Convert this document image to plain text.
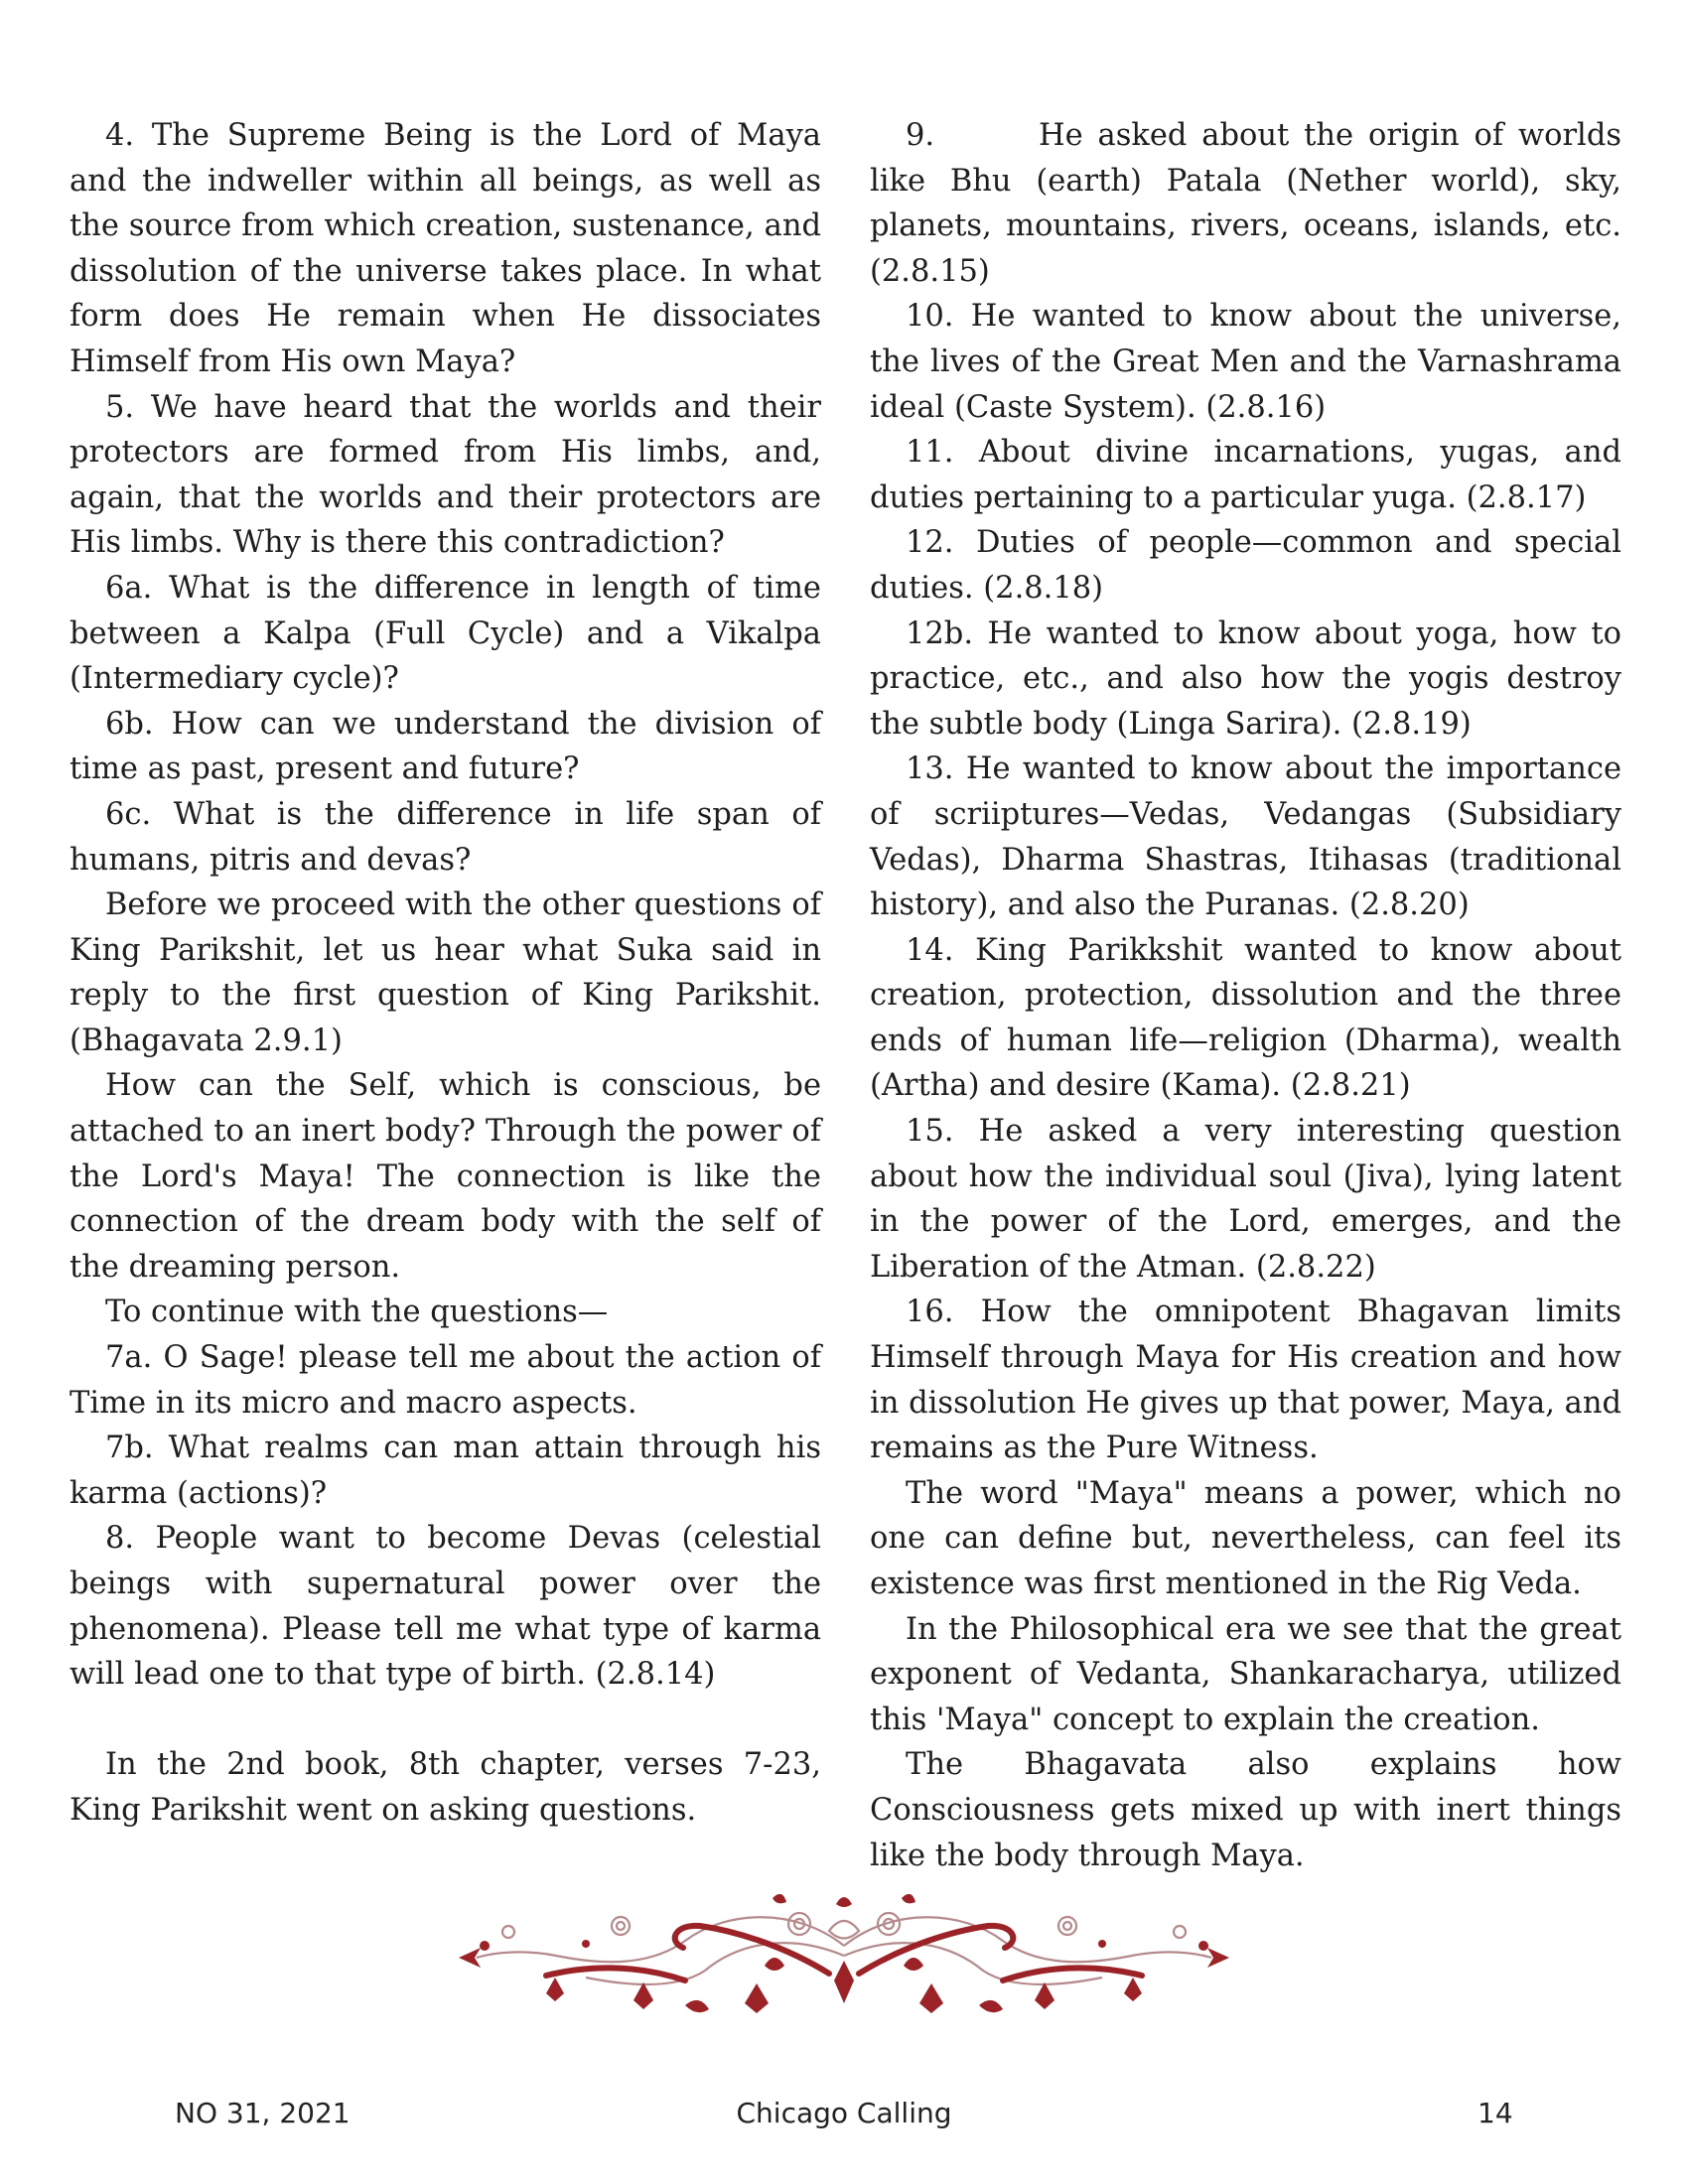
4. The Supreme Being is the Lord of Maya and the indweller within all beings, as well as the source from which creation, sustenance, and dissolution of the universe takes place. In what form does He remain when He dissociates Himself from His own Maya?

5. We have heard that the worlds and their protectors are formed from His limbs, and, again, that the worlds and their protectors are His limbs. Why is there this contradiction?

6a. What is the difference in length of time between a Kalpa (Full Cycle) and a Vikalpa (Intermediary cycle)?

6b. How can we understand the division of time as past, present and future?

6c. What is the difference in life span of humans, pitris and devas?

Before we proceed with the other questions of King Parikshit, let us hear what Suka said in reply to the first question of King Parikshit. (Bhagavata 2.9.1)

How can the Self, which is conscious, be attached to an inert body? Through the power of the Lord's Maya! The connection is like the connection of the dream body with the self of the dreaming person.

To continue with the questions—

7a. O Sage! please tell me about the action of Time in its micro and macro aspects.

7b. What realms can man attain through his karma (actions)?

8. People want to become Devas (celestial beings with supernatural power over the phenomena). Please tell me what type of karma will lead one to that type of birth. (2.8.14)

In the 2nd book, 8th chapter, verses 7-23, King Parikshit went on asking questions.

9.	He asked about the origin of worlds like Bhu (earth) Patala (Nether world), sky, planets, mountains, rivers, oceans, islands, etc. (2.8.15)

10. He wanted to know about the universe, the lives of the Great Men and the Varnashrama ideal (Caste System). (2.8.16)

11. About divine incarnations, yugas, and duties pertaining to a particular yuga. (2.8.17)

12. Duties of people—common and special duties. (2.8.18)

12b. He wanted to know about yoga, how to practice, etc., and also how the yogis destroy the subtle body (Linga Sarira). (2.8.19)

13. He wanted to know about the importance of scriiptures—Vedas, Vedangas (Subsidiary Vedas), Dharma Shastras, Itihasas (traditional history), and also the Puranas. (2.8.20)

14. King Parikkshit wanted to know about creation, protection, dissolution and the three ends of human life—religion (Dharma), wealth (Artha) and desire (Kama). (2.8.21)

15. He asked a very interesting question about how the individual soul (Jiva), lying latent in the power of the Lord, emerges, and the Liberation of the Atman. (2.8.22)

16. How the omnipotent Bhagavan limits Himself through Maya for His creation and how in dissolution He gives up that power, Maya, and remains as the Pure Witness.

The word "Maya" means a power, which no one can define but, nevertheless, can feel its existence was first mentioned in the Rig Veda.

In the Philosophical era we see that the great exponent of Vedanta, Shankaracharya, utilized this 'Maya" concept to explain the creation.

The Bhagavata also explains how Consciousness gets mixed up with inert things like the body through Maya.

NO 31, 2021	Chicago Calling	14
